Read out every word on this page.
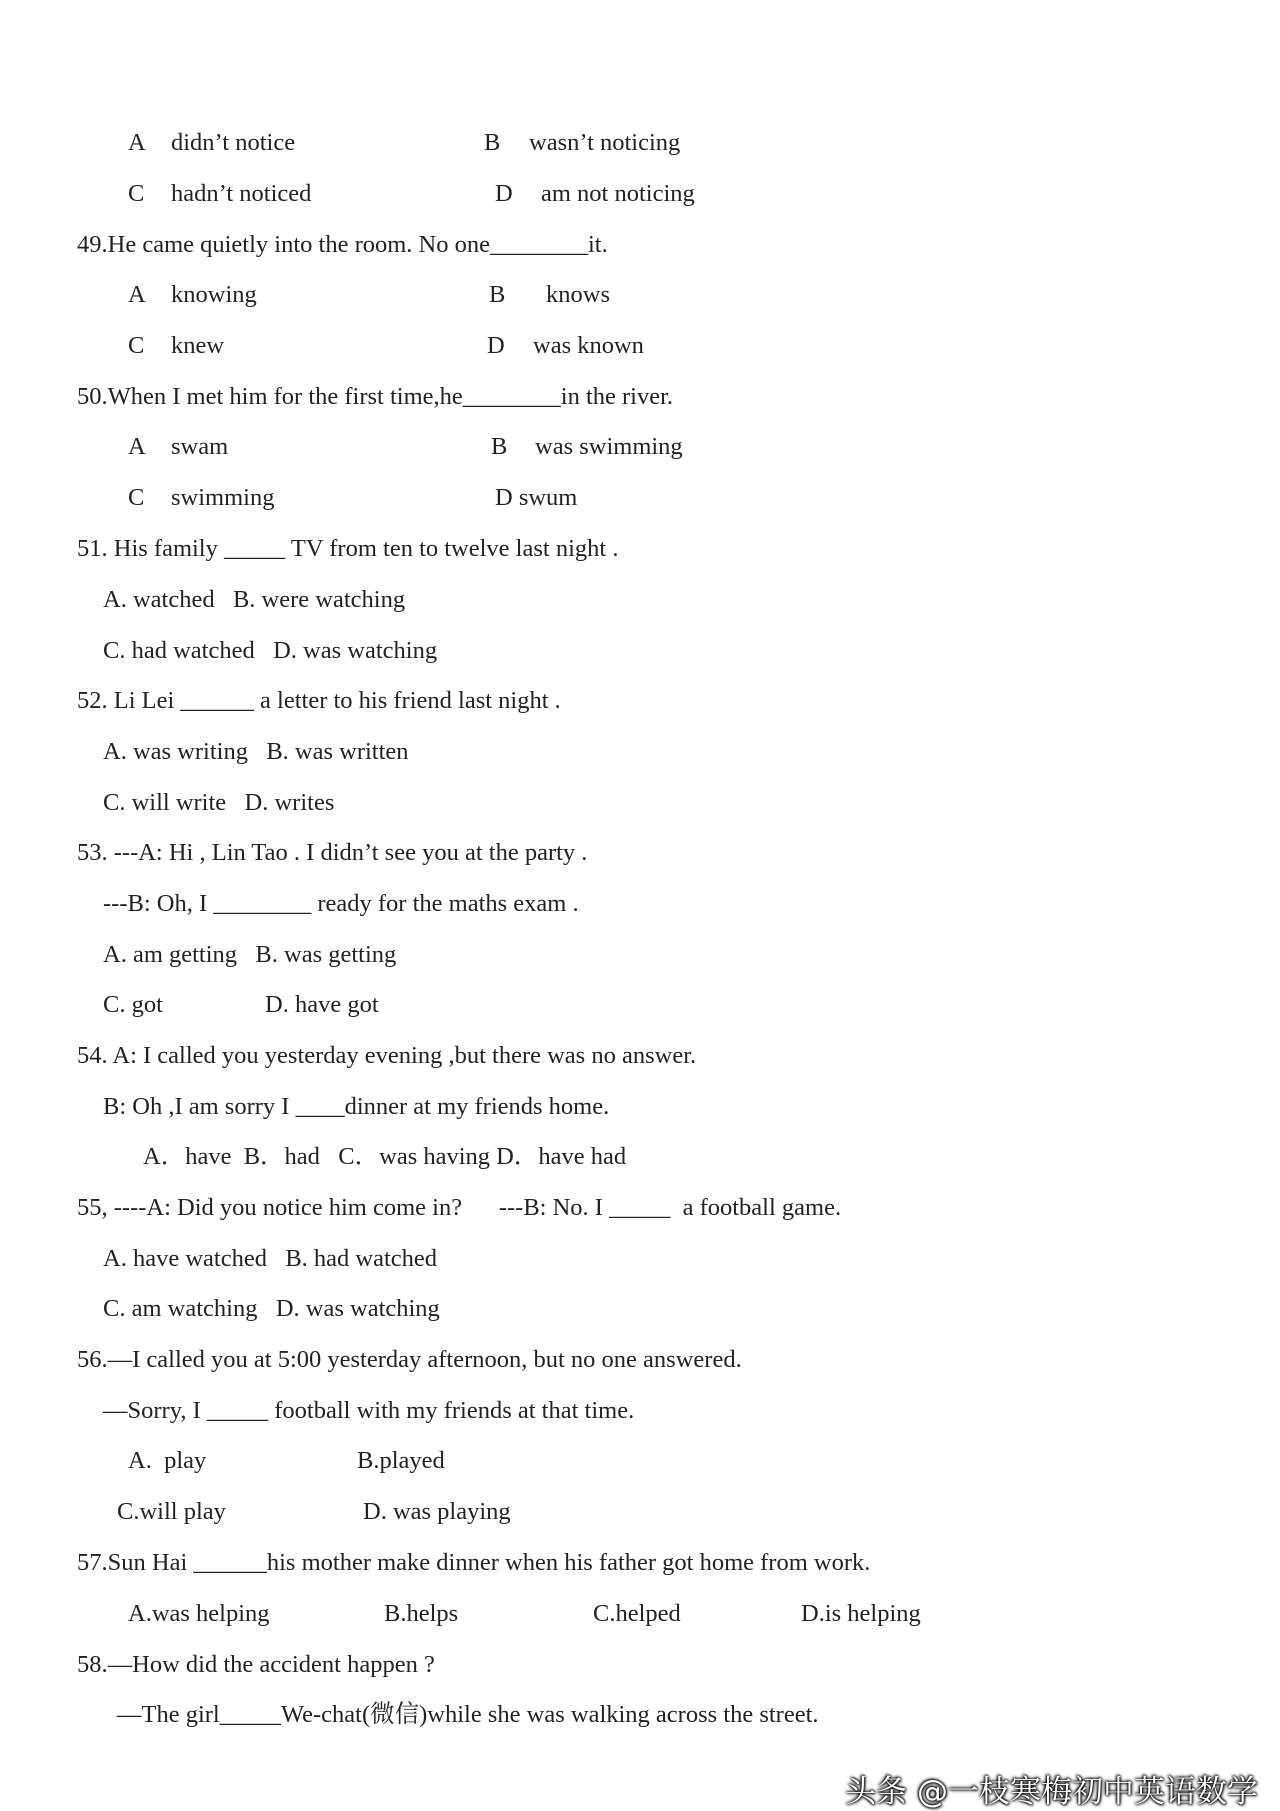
A didn’t notice	B wasn’t noticing
C hadn’t noticed	D am not noticing
49.He came quietly into the room. No one________it.
A knowing	B knows
C knew	D was known
50.When I met him for the first time,he________in the river.
A swam	B was swimming
C swimming	D swum
51. His family _____ TV from ten to twelve last night .
A. watched   B. were watching
C. had watched   D. was watching
52. Li Lei ______ a letter to his friend last night .
A. was writing   B. was written
C. will write   D. writes
53. ---A: Hi , Lin Tao . I didn’t see you at the party .
---B: Oh, I ________ ready for the maths exam .
A. am getting   B. was getting
C. got	D. have got
54. A: I called you yesterday evening ,but there was no answer.
B: Oh ,I am sorry I ____dinner at my friends home.
A．have  B．had   C．was having D．have had
55, ----A: Did you notice him come in?      ---B: No. I _____  a football game.
A. have watched   B. had watched
C. am watching   D. was watching
56.—I called you at 5:00 yesterday afternoon, but no one answered.
—Sorry, I _____ football with my friends at that time.
A.  play	B.played
C.will play	D. was playing
57.Sun Hai ______his mother make dinner when his father got home from work.
A.was helping	B.helps	C.helped	D.is helping
58.—How did the accident happen ?
—The girl_____We-chat(微信)while she was walking across the street.
头条 @一枝寒梅初中英语数学
